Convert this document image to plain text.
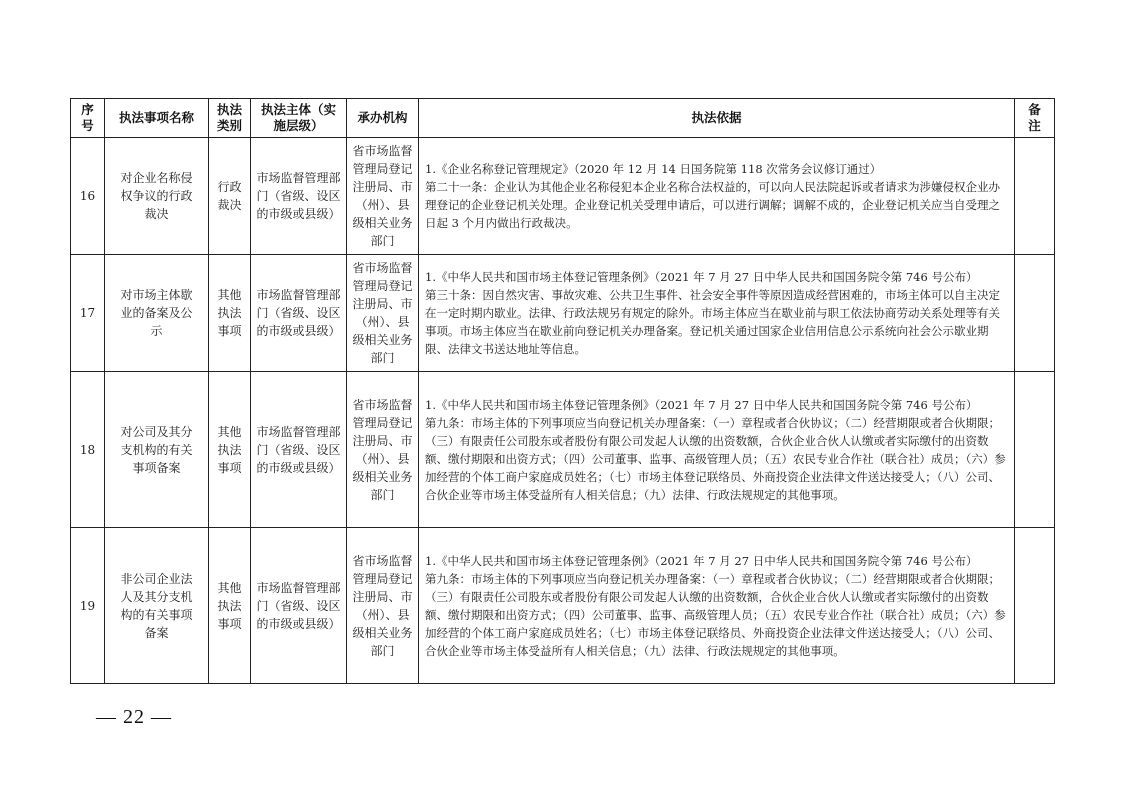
序号	执法事项名称	执法类别	执法主体（实施层级）	承办机构	执法依据	备注

16	对企业名称侵权争议的行政裁决	行政裁决	市场监督管理部门（省级、设区的市级或县级）	省市场监督管理局登记注册局、市（州）、县级相关业务部门	1.《企业名称登记管理规定》（2020 年 12 月 14 日国务院第 118 次常务会议修订通过）
第二十一条：企业认为其他企业名称侵犯本企业名称合法权益的，可以向人民法院起诉或者请求为涉嫌侵权企业办理登记的企业登记机关处理。企业登记机关受理申请后，可以进行调解；调解不成的，企业登记机关应当自受理之日起 3 个月内做出行政裁决。	

17	对市场主体歇业的备案及公示	其他执法事项	市场监督管理部门（省级、设区的市级或县级）	省市场监督管理局登记注册局、市（州）、县级相关业务部门	1.《中华人民共和国市场主体登记管理条例》（2021 年 7 月 27 日中华人民共和国国务院令第 746 号公布）
第三十条：因自然灾害、事故灾难、公共卫生事件、社会安全事件等原因造成经营困难的，市场主体可以自主决定在一定时期内歇业。法律、行政法规另有规定的除外。市场主体应当在歇业前与职工依法协商劳动关系处理等有关事项。市场主体应当在歇业前向登记机关办理备案。登记机关通过国家企业信用信息公示系统向社会公示歇业期限、法律文书送达地址等信息。	

18	对公司及其分支机构的有关事项备案	其他执法事项	市场监督管理部门（省级、设区的市级或县级）	省市场监督管理局登记注册局、市（州）、县级相关业务部门	1.《中华人民共和国市场主体登记管理条例》（2021 年 7 月 27 日中华人民共和国国务院令第 746 号公布）
第九条：市场主体的下列事项应当向登记机关办理备案：（一）章程或者合伙协议；（二）经营期限或者合伙期限；（三）有限责任公司股东或者股份有限公司发起人认缴的出资数额，合伙企业合伙人认缴或者实际缴付的出资数额、缴付期限和出资方式；（四）公司董事、监事、高级管理人员；（五）农民专业合作社（联合社）成员；（六）参加经营的个体工商户家庭成员姓名；（七）市场主体登记联络员、外商投资企业法律文件送达接受人；（八）公司、合伙企业等市场主体受益所有人相关信息；（九）法律、行政法规规定的其他事项。	

19	非公司企业法人及其分支机构的有关事项备案	其他执法事项	市场监督管理部门（省级、设区的市级或县级）	省市场监督管理局登记注册局、市（州）、县级相关业务部门	1.《中华人民共和国市场主体登记管理条例》（2021 年 7 月 27 日中华人民共和国国务院令第 746 号公布）
第九条：市场主体的下列事项应当向登记机关办理备案：（一）章程或者合伙协议；（二）经营期限或者合伙期限；（三）有限责任公司股东或者股份有限公司发起人认缴的出资数额，合伙企业合伙人认缴或者实际缴付的出资数额、缴付期限和出资方式；（四）公司董事、监事、高级管理人员；（五）农民专业合作社（联合社）成员；（六）参加经营的个体工商户家庭成员姓名；（七）市场主体登记联络员、外商投资企业法律文件送达接受人；（八）公司、合伙企业等市场主体受益所有人相关信息；（九）法律、行政法规规定的其他事项。	

— 22 —
